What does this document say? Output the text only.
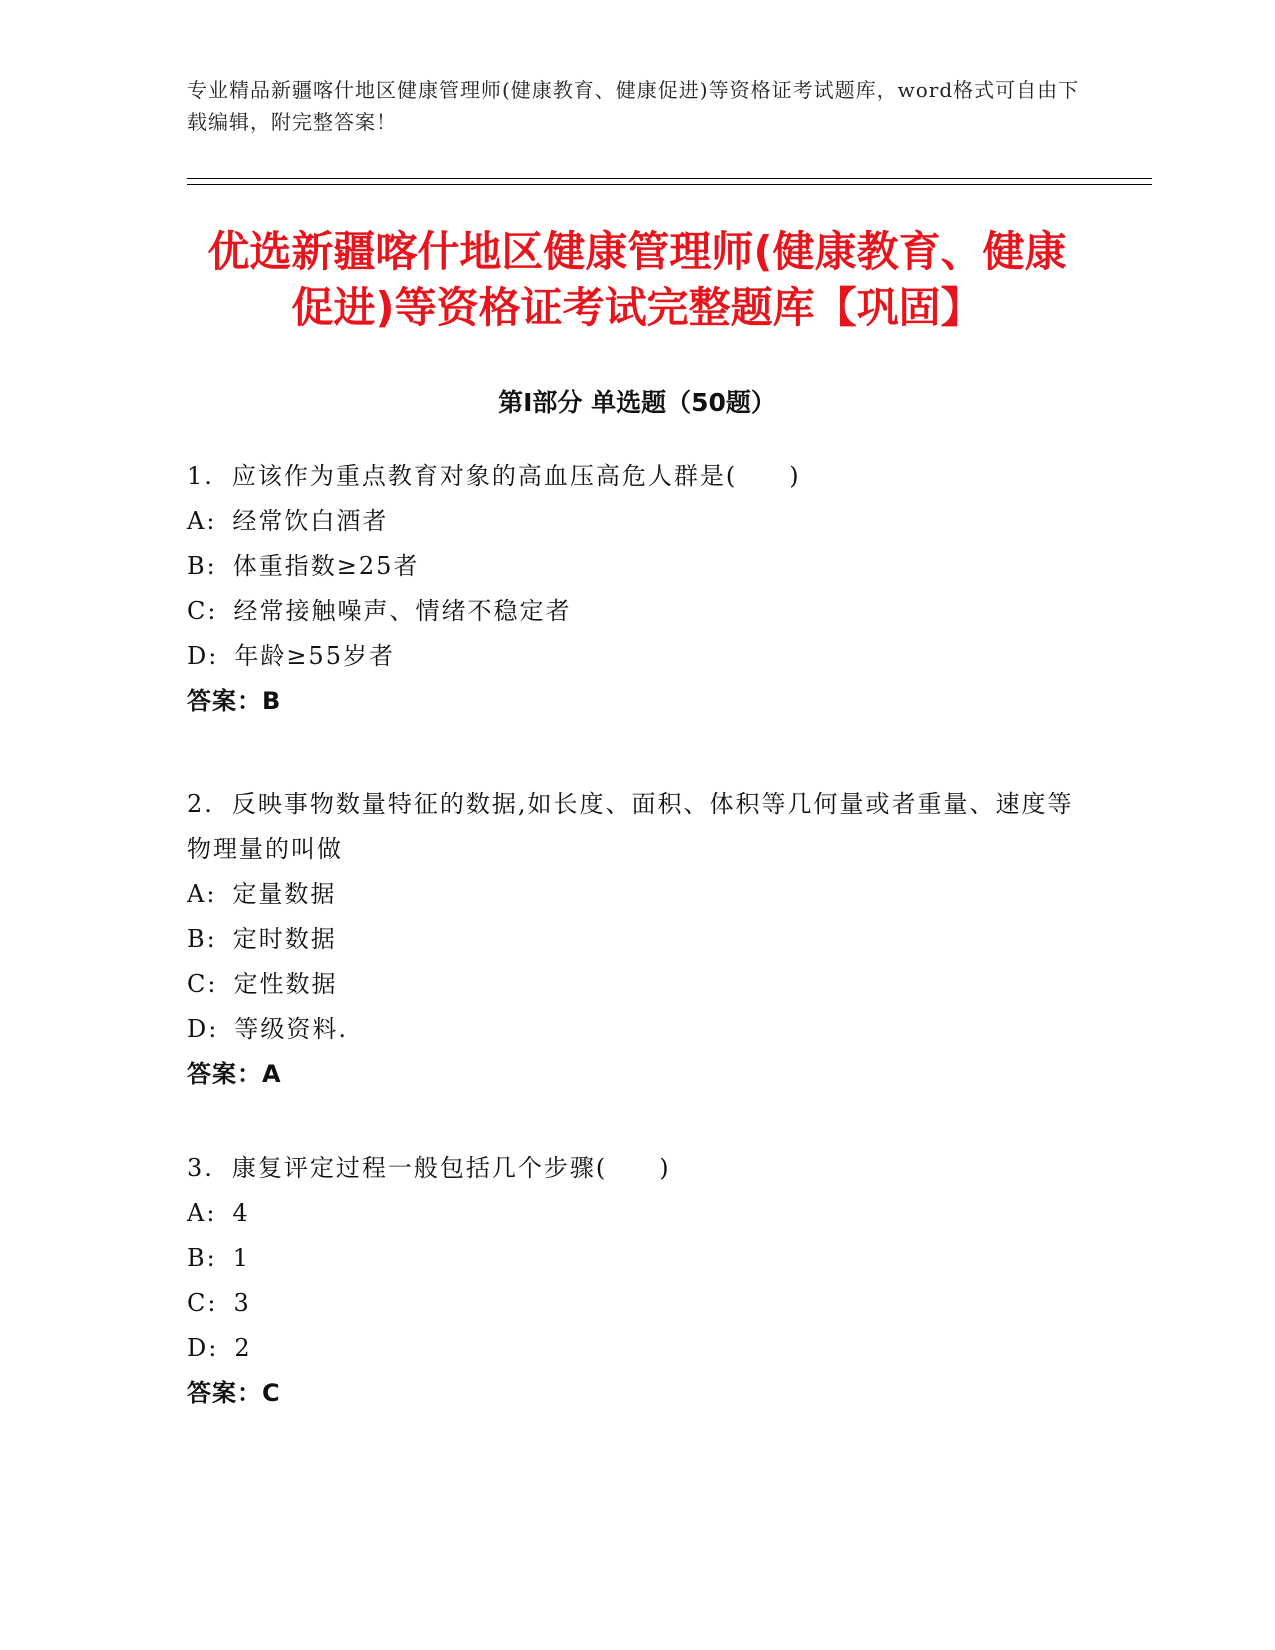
专业精品新疆喀什地区健康管理师(健康教育、健康促进)等资格证考试题库，word格式可自由下载编辑，附完整答案！
优选新疆喀什地区健康管理师(健康教育、健康促进)等资格证考试完整题库【巩固】
第Ⅰ部分 单选题（50题）
1. 应该作为重点教育对象的高血压高危人群是(　　)
A: 经常饮白酒者
B: 体重指数≥25者
C: 经常接触噪声、情绪不稳定者
D: 年龄≥55岁者
答案：B
2. 反映事物数量特征的数据,如长度、面积、体积等几何量或者重量、速度等物理量的叫做
A: 定量数据
B: 定时数据
C: 定性数据
D: 等级资料.
答案：A
3. 康复评定过程一般包括几个步骤(　　)
A: 4
B: 1
C: 3
D: 2
答案：C
